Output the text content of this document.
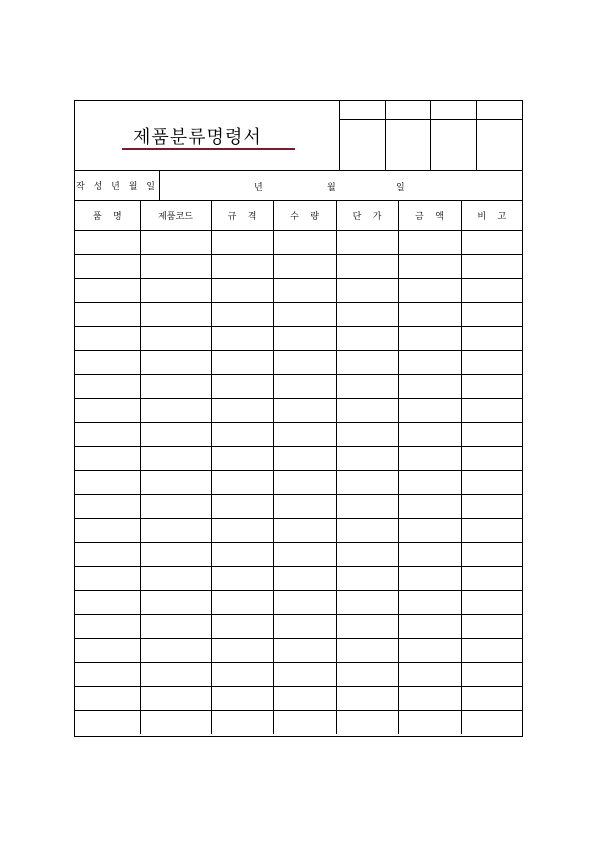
제품분류명령서
작 성 년 월 일	년	월	일
품    명	제품코드	규    격	수    량	단    가	금    액	비    고
